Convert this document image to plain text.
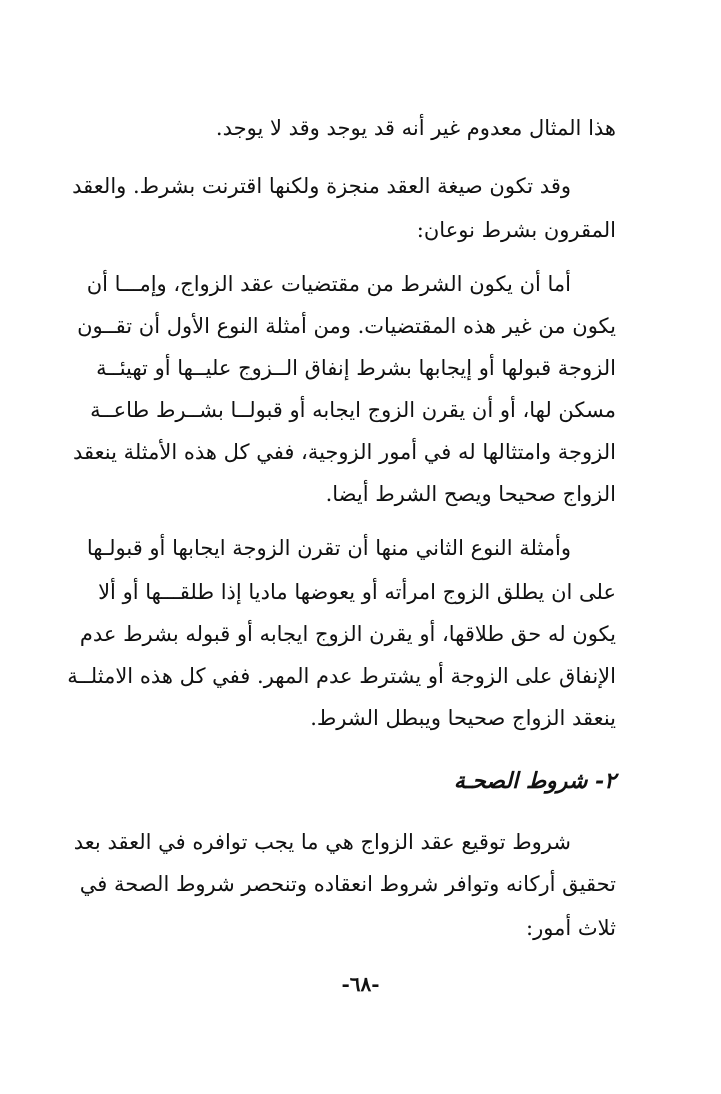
هذا المثال معدوم غير أنه قد يوجد وقد لا يوجد.
وقد تكون صيغة العقد منجزة ولكنها اقترنت بشرط. والعقد
المقرون بشرط نوعان:
أما أن يكون الشرط من مقتضيات عقد الزواج، وإمـــا أن
يكون من غير هذه المقتضيات. ومن أمثلة النوع الأول أن تقــون
الزوجة قبولها أو إيجابها بشرط إنفاق الــزوج عليــها أو تهيئــة
مسكن لها، أو أن يقرن الزوج ايجابه أو قبولــا بشــرط طاعــة
الزوجة وامتثالها له في أمور الزوجية، ففي كل هذه الأمثلة ينعقد
الزواج صحيحا ويصح الشرط أيضا.
وأمثلة النوع الثاني منها أن تقرن الزوجة ايجابها أو قبولـها
على ان يطلق الزوج امرأته أو يعوضها ماديا إذا طلقـــها أو ألا
يكون له حق طلاقها، أو يقرن الزوج ايجابه أو قبوله بشرط عدم
الإنفاق على الزوجة أو يشترط عدم المهر. ففي كل هذه الامثلــة
ينعقد الزواج صحيحا ويبطل الشرط.
٢- شروط الصحـة
شروط توقيع عقد الزواج هي ما يجب توافره في العقد بعد
تحقيق أركانه وتوافر شروط انعقاده وتنحصر شروط الصحة في
ثلاث أمور:
-٦٨-
